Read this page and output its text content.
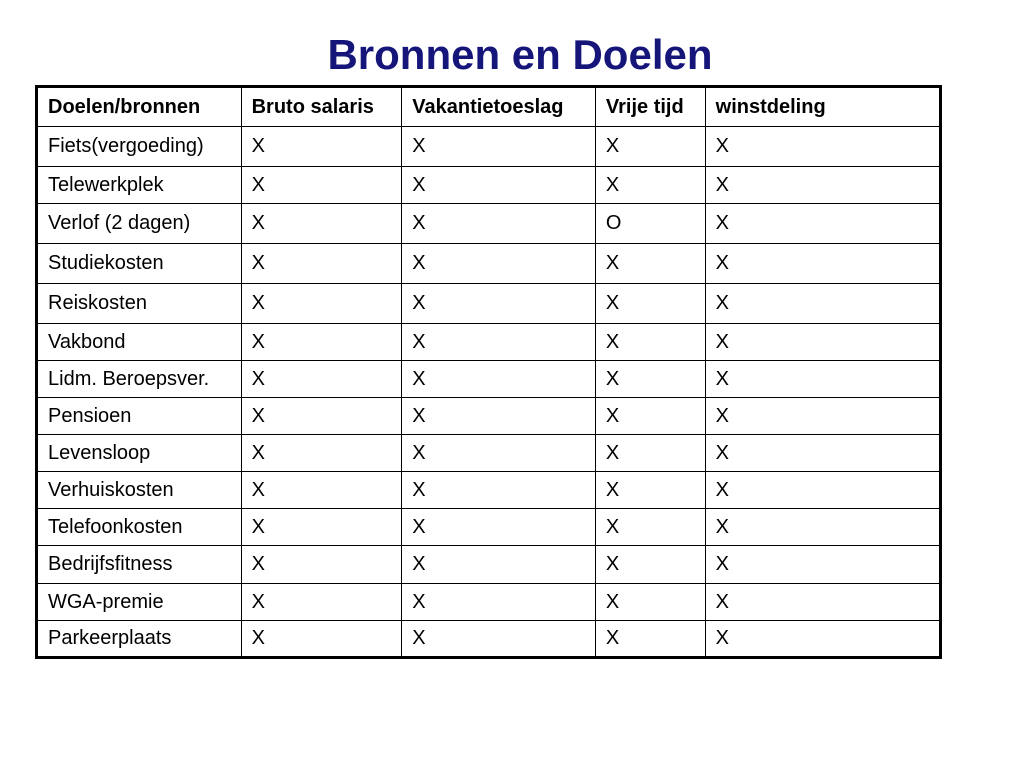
Bronnen en Doelen
Doelen/bronnen	Bruto salaris	Vakantietoeslag	Vrije tijd	winstdeling
Fiets(vergoeding)	X	X	X	X
Telewerkplek	X	X	X	X
Verlof (2 dagen)	X	X	O	X
Studiekosten	X	X	X	X
Reiskosten	X	X	X	X
Vakbond	X	X	X	X
Lidm. Beroepsver.	X	X	X	X
Pensioen	X	X	X	X
Levensloop	X	X	X	X
Verhuiskosten	X	X	X	X
Telefoonkosten	X	X	X	X
Bedrijfsfitness	X	X	X	X
WGA-premie	X	X	X	X
Parkeerplaats	X	X	X	X
